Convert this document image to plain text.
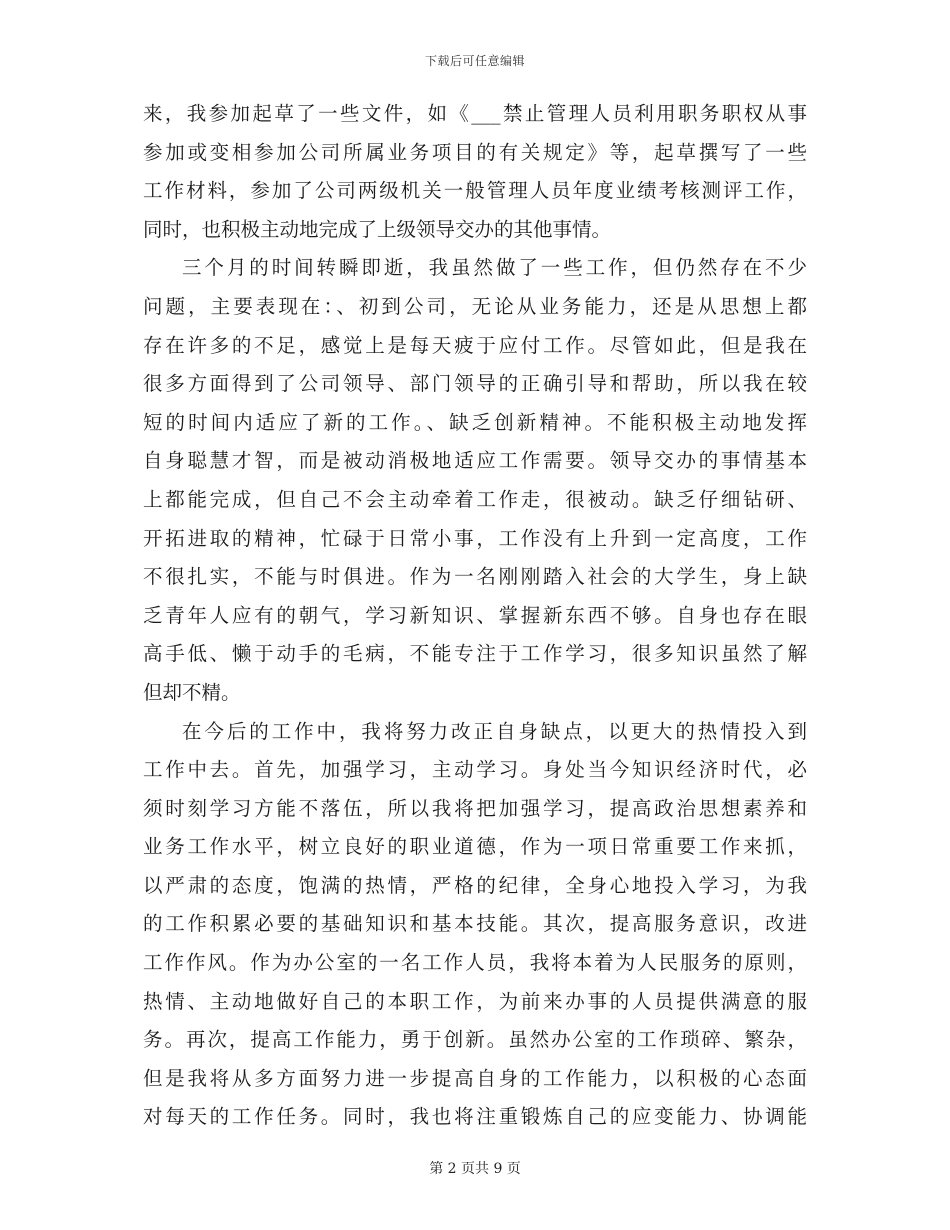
下载后可任意编辑
来，我参加起草了一些文件，如《___禁止管理人员利用职务职权从事
参加或变相参加公司所属业务项目的有关规定》等，起草撰写了一些
工作材料，参加了公司两级机关一般管理人员年度业绩考核测评工作，
同时，也积极主动地完成了上级领导交办的其他事情。
三个月的时间转瞬即逝，我虽然做了一些工作，但仍然存在不少
问题，主要表现在：、初到公司，无论从业务能力，还是从思想上都
存在许多的不足，感觉上是每天疲于应付工作。尽管如此，但是我在
很多方面得到了公司领导、部门领导的正确引导和帮助，所以我在较
短的时间内适应了新的工作。、缺乏创新精神。不能积极主动地发挥
自身聪慧才智，而是被动消极地适应工作需要。领导交办的事情基本
上都能完成，但自己不会主动牵着工作走，很被动。缺乏仔细钻研、
开拓进取的精神，忙碌于日常小事，工作没有上升到一定高度，工作
不很扎实，不能与时俱进。作为一名刚刚踏入社会的大学生，身上缺
乏青年人应有的朝气，学习新知识、掌握新东西不够。自身也存在眼
高手低、懒于动手的毛病，不能专注于工作学习，很多知识虽然了解
但却不精。
在今后的工作中，我将努力改正自身缺点，以更大的热情投入到
工作中去。首先，加强学习，主动学习。身处当今知识经济时代，必
须时刻学习方能不落伍，所以我将把加强学习，提高政治思想素养和
业务工作水平，树立良好的职业道德，作为一项日常重要工作来抓，
以严肃的态度，饱满的热情，严格的纪律，全身心地投入学习，为我
的工作积累必要的基础知识和基本技能。其次，提高服务意识，改进
工作作风。作为办公室的一名工作人员，我将本着为人民服务的原则，
热情、主动地做好自己的本职工作，为前来办事的人员提供满意的服
务。再次，提高工作能力，勇于创新。虽然办公室的工作琐碎、繁杂，
但是我将从多方面努力进一步提高自身的工作能力，以积极的心态面
对每天的工作任务。同时，我也将注重锻炼自己的应变能力、协调能
第 2 页共 9 页
